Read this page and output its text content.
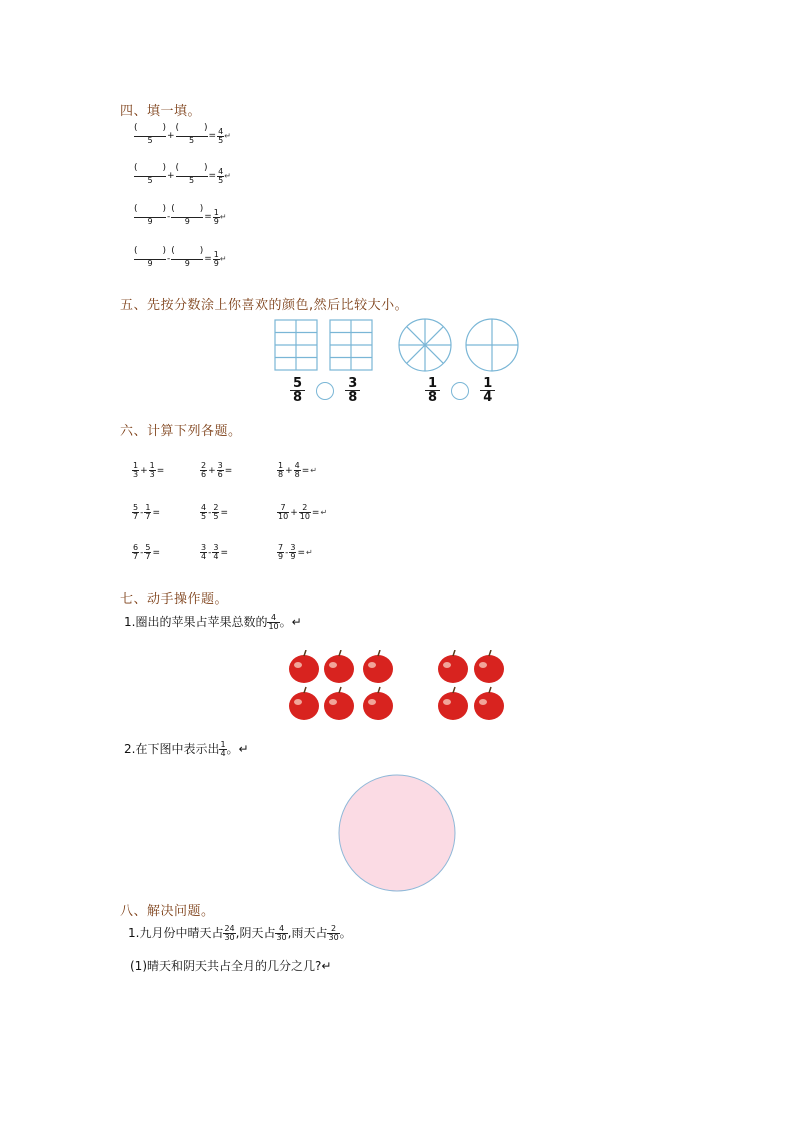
四、填一填。
( )
5 +
( ) $5 = \frac{4}{5}$ ↵
( )
5 +
( ) $5 = \frac{4}{5}$ ↵
( )
9 -
( ) $9 = \frac{1}{9}$ ↵
( )
9 -
( ) $9 = \frac{1}{9}$ ↵
五、先按分数涂上你喜欢的颜色,然后比较大小。
$\frac{5}{8}$
	$\frac{3}{8}$	$\frac{1}{8}$
	$\frac{1}{4}$
六、计算下列各题。
$\frac{1}{3} + \frac{1}{3}$ =	$\frac{2}{6} + \frac{3}{6}$ =	$\frac{1}{8} + \frac{4}{8}$ =↵
$\frac{5}{7} - \frac{1}{7}$ =	$\frac{4}{5} - \frac{2}{5}$ =	$\frac{7}{10} + \frac{2}{10}$ =↵
$\frac{6}{7} - \frac{5}{7}$ =	$\frac{3}{4} - \frac{3}{4}$ =	$\frac{7}{9} - \frac{3}{9}$ =↵
七、动手操作题。
1.圈出的苹果占苹果总数的 $\frac{4}{10}$ 。↵
2.在下图中表示出 $\frac{1}{4}$ 。↵
八、解决问题。
1.九月份中晴天占 $\frac{24}{30}$ ,阴天占 $\frac{4}{30}$ ,雨天占 $\frac{2}{30}$ 。
(1)晴天和阴天共占全月的几分之几?↵
